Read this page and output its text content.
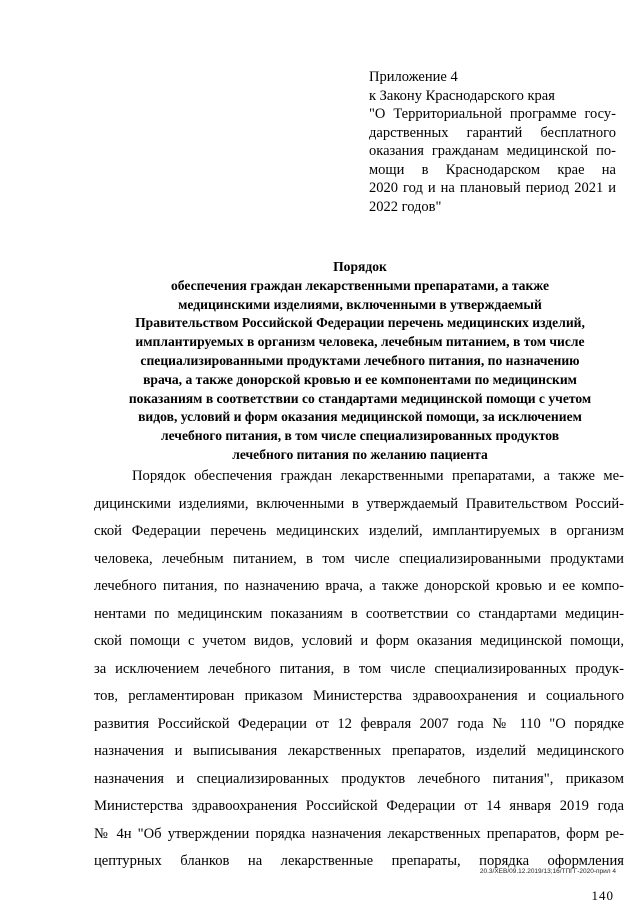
Приложение 4
к Закону Краснодарского края
"О Территориальной программе госу-
дарственных гарантий бесплатного
оказания гражданам медицинской по-
мощи в Краснодарском крае на
2020 год и на плановый период 2021 и
2022 годов"
Порядок
обеспечения граждан лекарственными препаратами, а также
медицинскими изделиями, включенными в утверждаемый
Правительством Российской Федерации перечень медицинских изделий,
имплантируемых в организм человека, лечебным питанием, в том числе
специализированными продуктами лечебного питания, по назначению
врача, а также донорской кровью и ее компонентами по медицинским
показаниям в соответствии со стандартами медицинской помощи с учетом
видов, условий и форм оказания медицинской помощи, за исключением
лечебного питания, в том числе специализированных продуктов
лечебного питания по желанию пациента
Порядок обеспечения граждан лекарственными препаратами, а также ме-
дицинскими изделиями, включенными в утверждаемый Правительством Россий-
ской Федерации перечень медицинских изделий, имплантируемых в организм
человека, лечебным питанием, в том числе специализированными продуктами
лечебного питания, по назначению врача, а также донорской кровью и ее компо-
нентами по медицинским показаниям в соответствии со стандартами медицин-
ской помощи с учетом видов, условий и форм оказания медицинской помощи,
за исключением лечебного питания, в том числе специализированных продук-
тов, регламентирован приказом Министерства здравоохранения и социального
развития Российской Федерации от 12 февраля 2007 года № 110 "О порядке
назначения и выписывания лекарственных препаратов, изделий медицинского
назначения и специализированных продуктов лечебного питания", приказом
Министерства здравоохранения Российской Федерации от 14 января 2019 года
№ 4н "Об утверждении порядка назначения лекарственных препаратов, форм ре-
цептурных бланков на лекарственные препараты, порядка оформления
20.3/ХЕВ/09.12.2019/13;16/ТПГГ-2020-прил 4
140
